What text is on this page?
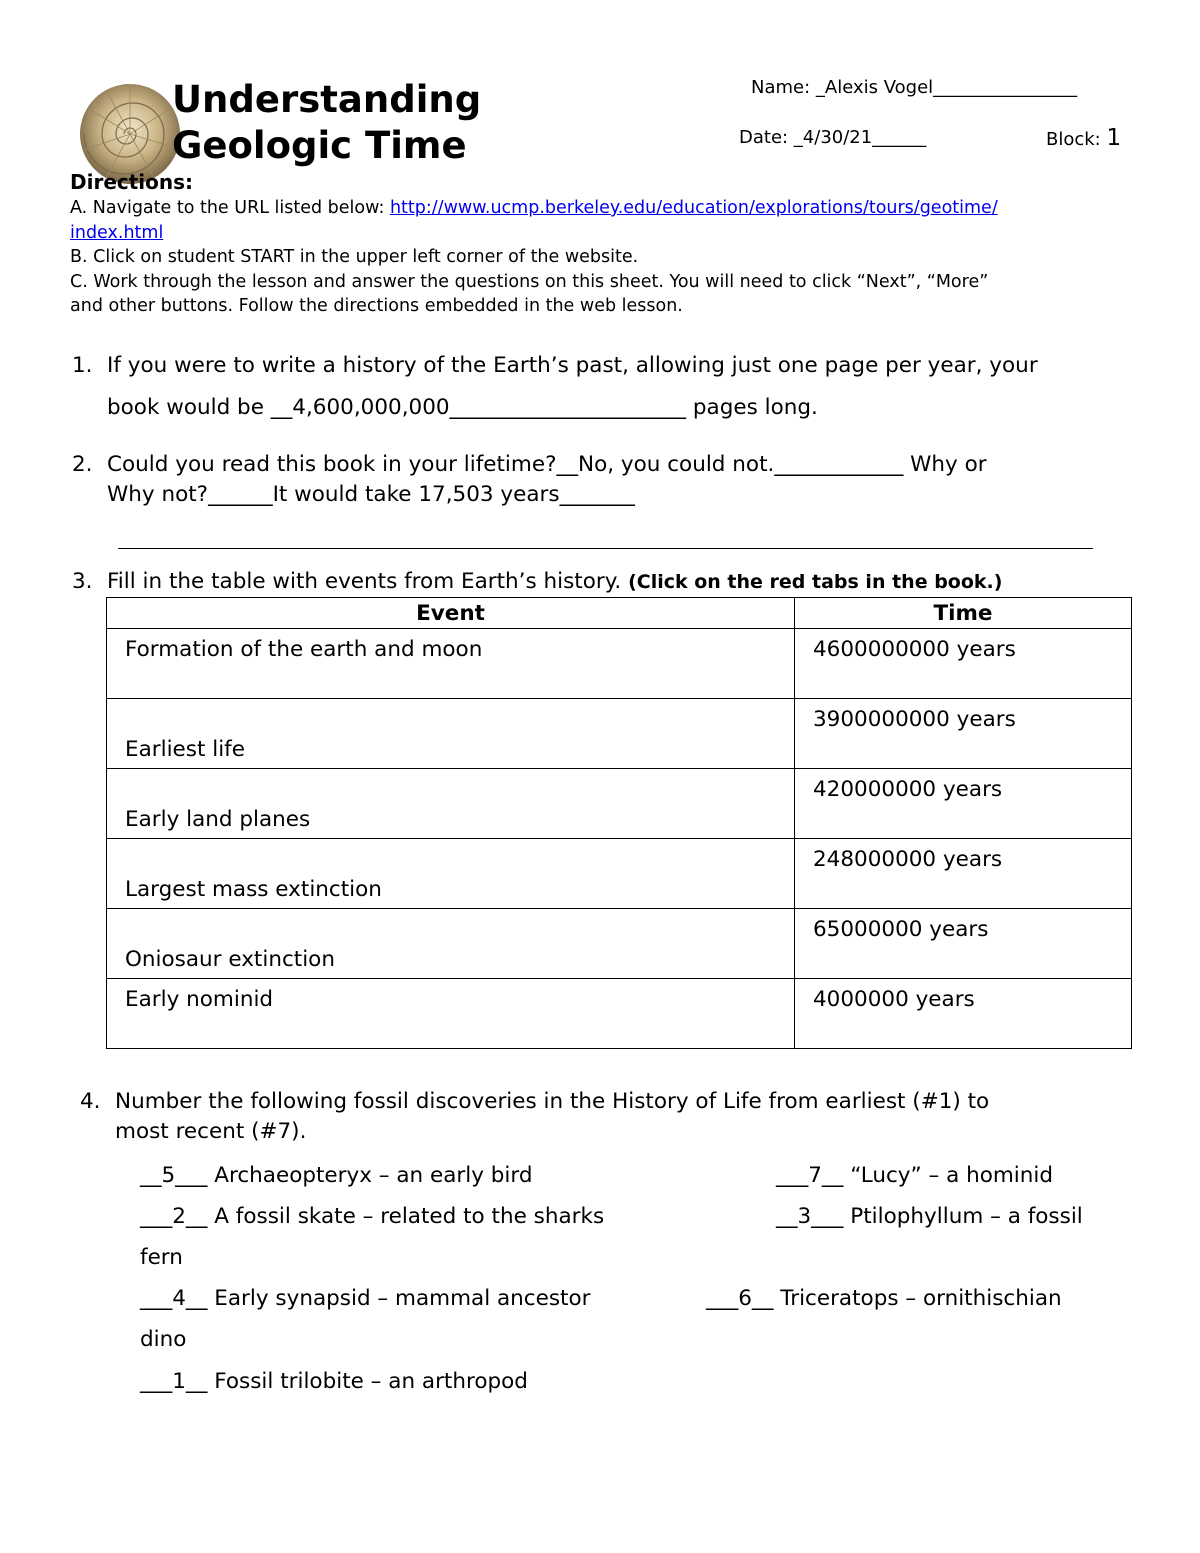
Understanding
Geologic Time
Name: _Alexis Vogel________________
Date: _4/30/21______	Block: 1
Directions:
A. Navigate to the URL listed below: http://www.ucmp.berkeley.edu/education/explorations/tours/geotime/
index.html
B. Click on student START in the upper left corner of the website.
C. Work through the lesson and answer the questions on this sheet. You will need to click “Next”, “More”
and other buttons. Follow the directions embedded in the web lesson.
1. If you were to write a history of the Earth’s past, allowing just one page per year, your
book would be __4,600,000,000______________________ pages long.
2. Could you read this book in your lifetime?__No, you could not.____________ Why or
Why not?______It would take 17,503 years_______
3. Fill in the table with events from Earth’s history. (Click on the red tabs in the book.)
Event	Time

Formation of the earth and moon	4600000000 years

Earliest life	3900000000 years

Early land planes	420000000 years

Largest mass extinction	248000000 years

Oniosaur extinction	65000000 years

Early nominid	4000000 years
4. Number the following fossil discoveries in the History of Life from earliest (#1) to
most recent (#7).
__5___ Archaeopteryx – an early bird	___7__ “Lucy” – a hominid
___2__ A fossil skate – related to the sharks	__3___ Ptilophyllum – a fossil
fern
___4__ Early synapsid – mammal ancestor	___6__ Triceratops – ornithischian
dino
___1__ Fossil trilobite – an arthropod
